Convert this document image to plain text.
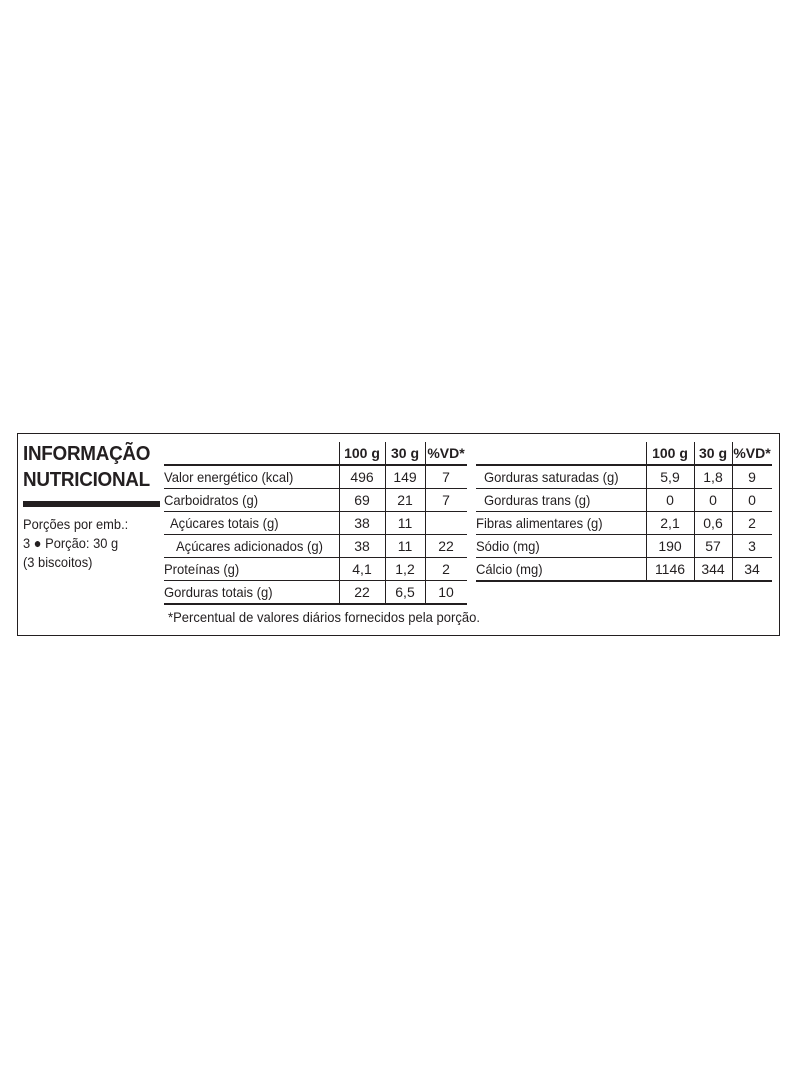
INFORMAÇÃO
NUTRICIONAL
Porções por emb.:
3 ● Porção: 30 g
(3 biscoitos)
100 g 30 g %VD*
Valor energético (kcal)	496	149	7
Carboidratos (g)	69	21	7
Açúcares totais (g)	38	11
Açúcares adicionados (g)	38	11	22
Proteínas (g)	4,1	1,2	2
Gorduras totais (g)	22	6,5	10
100 g 30 g %VD*
Gorduras saturadas (g)	5,9	1,8	9
Gorduras trans (g)	0	0	0
Fibras alimentares (g)	2,1	0,6	2
Sódio (mg)	190	57	3
Cálcio (mg)	1146	344	34
*Percentual de valores diários fornecidos pela porção.
